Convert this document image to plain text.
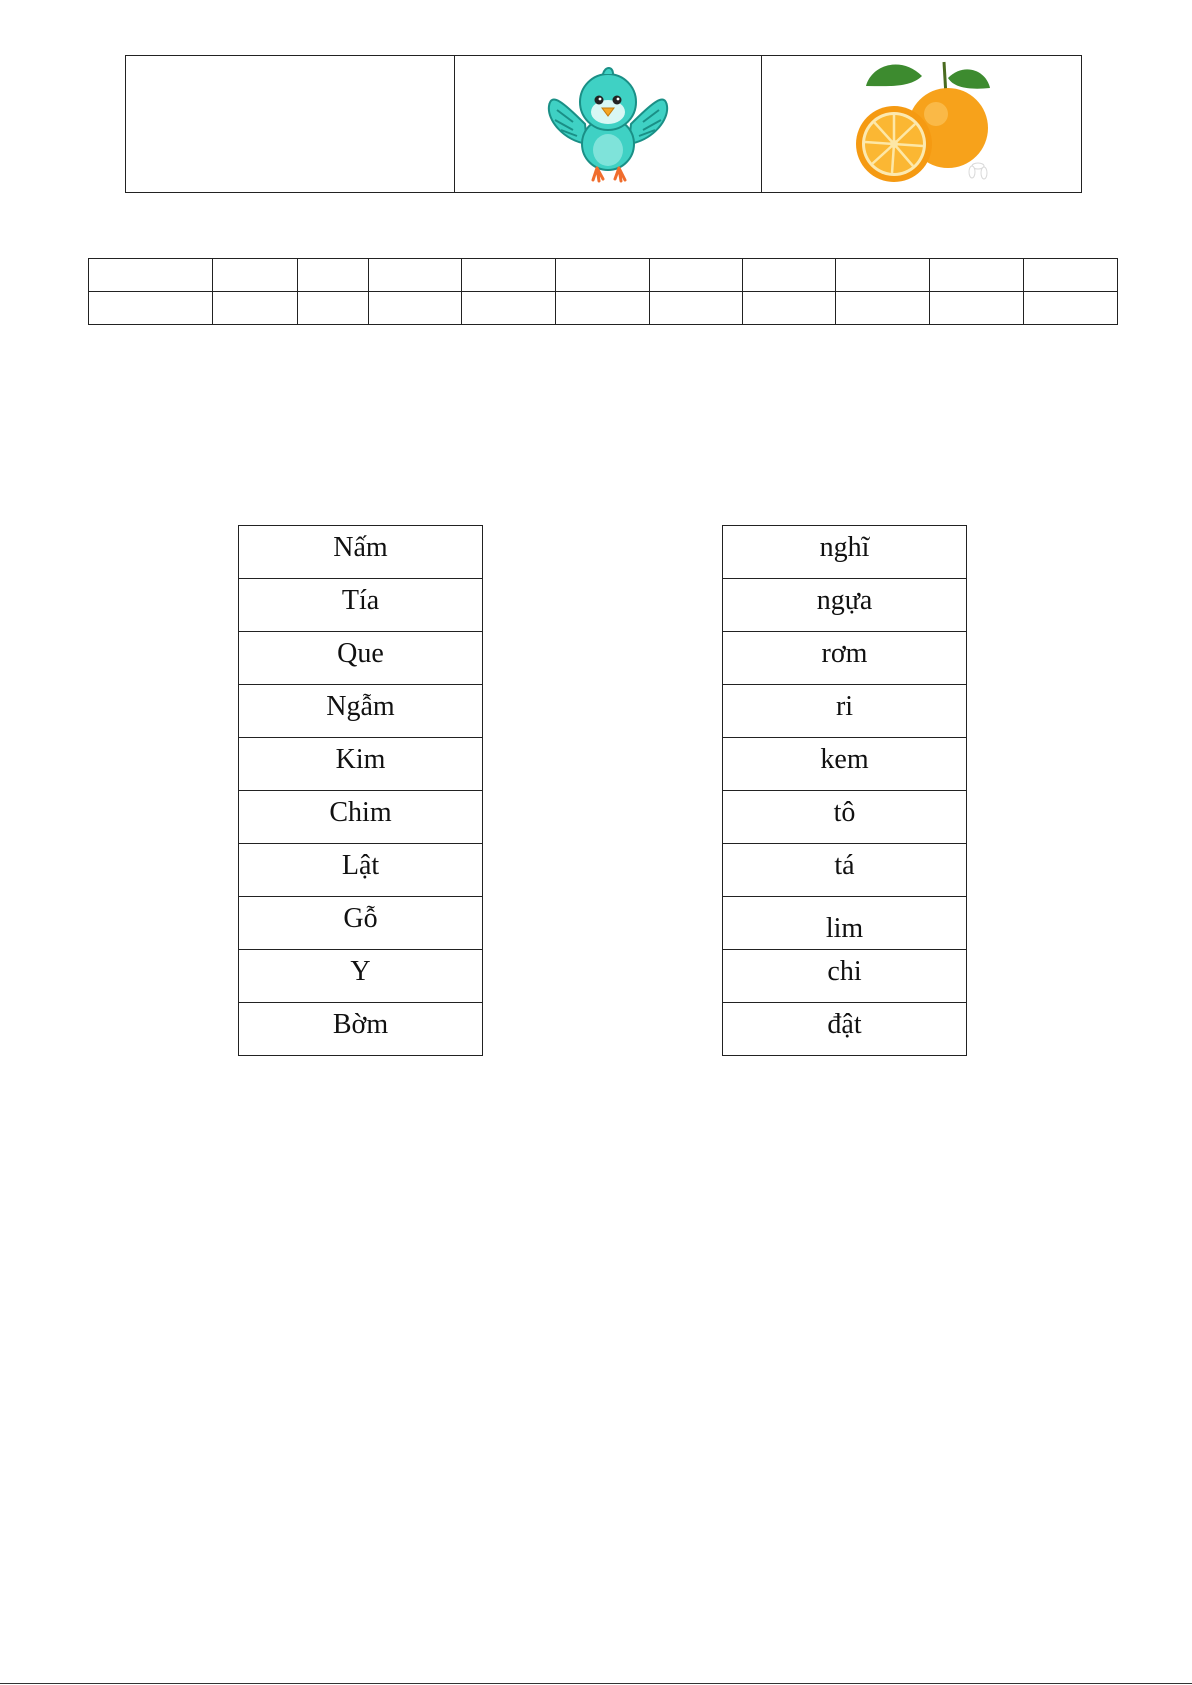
Nấm
Tía
Que
Ngẫm
Kim
Chim
Lật
Gỗ
Y
Bờm
nghĩ
ngựa
rơm
ri
kem
tô
tá
lim
chi
đật
